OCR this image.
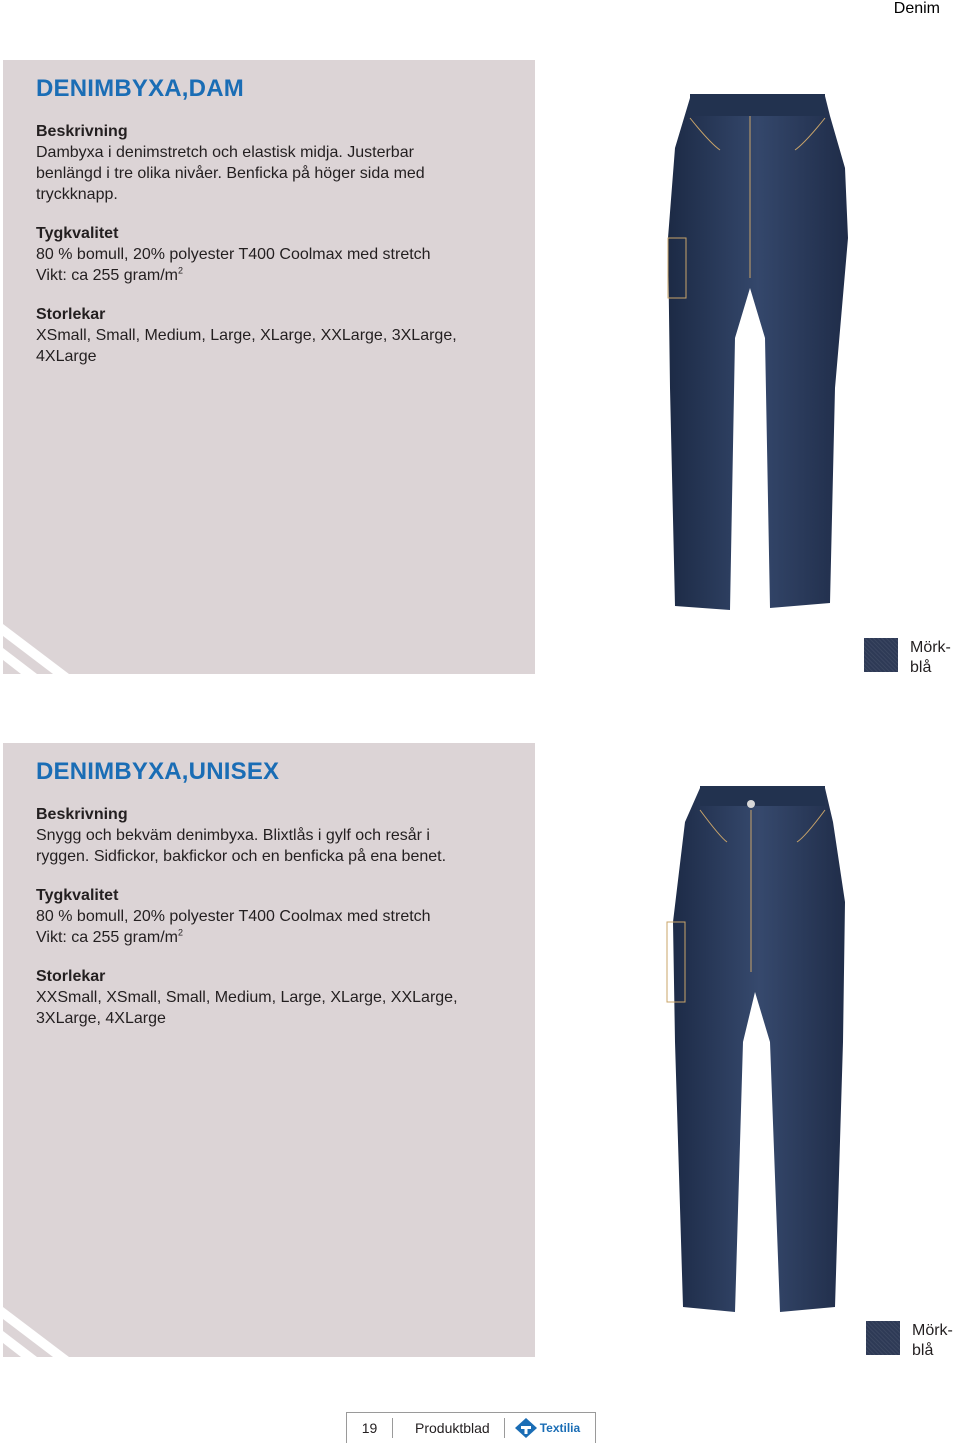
Denim
DENIMBYXA,DAM

Beskrivning

Dambyxa i denimstretch och elastisk midja. Justerbar benlängd i tre olika nivåer. Benficka på höger sida med tryckknapp.

Tygkvalitet

80 % bomull, 20% polyester T400 Coolmax med stretch

Vikt: ca 255 gram/$m^2$

Storlekar

XSmall, Small, Medium, Large, XLarge, XXLarge, 3XLarge, 4XLarge

Mörk-blå
DENIMBYXA,UNISEX

Beskrivning

Snygg och bekväm denimbyxa. Blixtlås i gylf och resår i ryggen. Sidfickor, bakfickor och en benficka på ena benet.

Tygkvalitet

80 % bomull, 20% polyester T400 Coolmax med stretch

Vikt: ca 255 gram/$m^2$

Storlekar

XXSmall, XSmall, Small, Medium, Large, XLarge, XXLarge, 3XLarge, 4XLarge

Mörk-blå
19	Produktblad	Textilia
